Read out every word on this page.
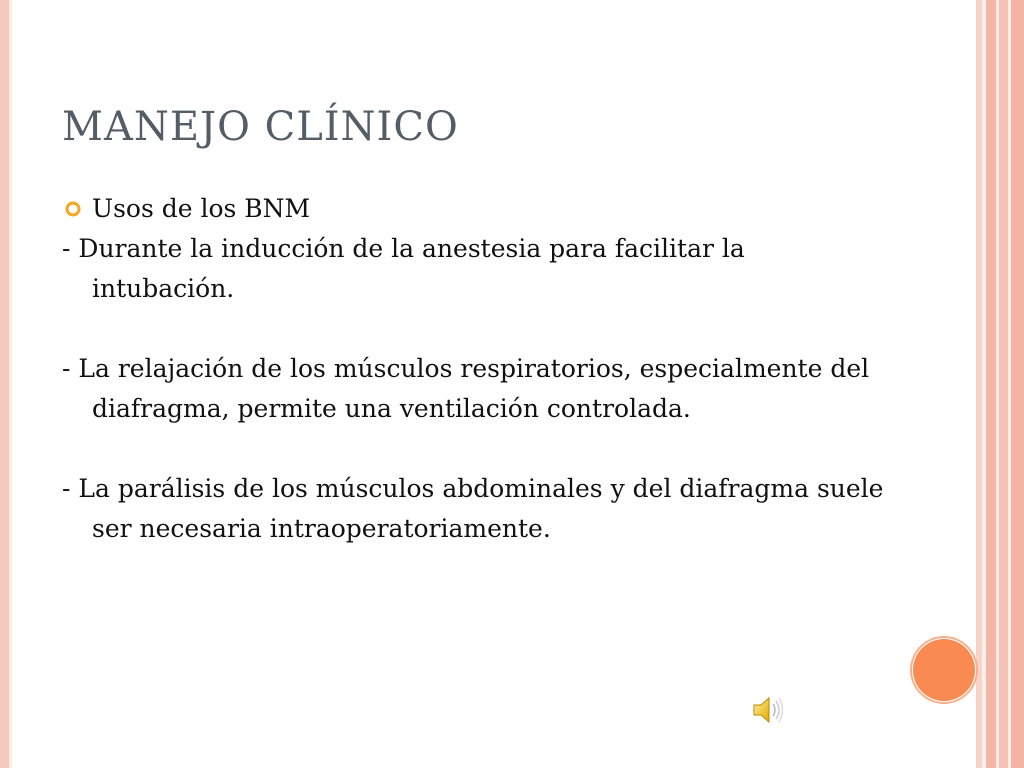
MANEJO CLÍNICO

Usos de los BNM

- Durante la inducción de la anestesia para facilitar la intubación.

- La relajación de los músculos respiratorios, especialmente del diafragma, permite una ventilación controlada.

- La parálisis de los músculos abdominales y del diafragma suele ser necesaria intraoperatoriamente.
